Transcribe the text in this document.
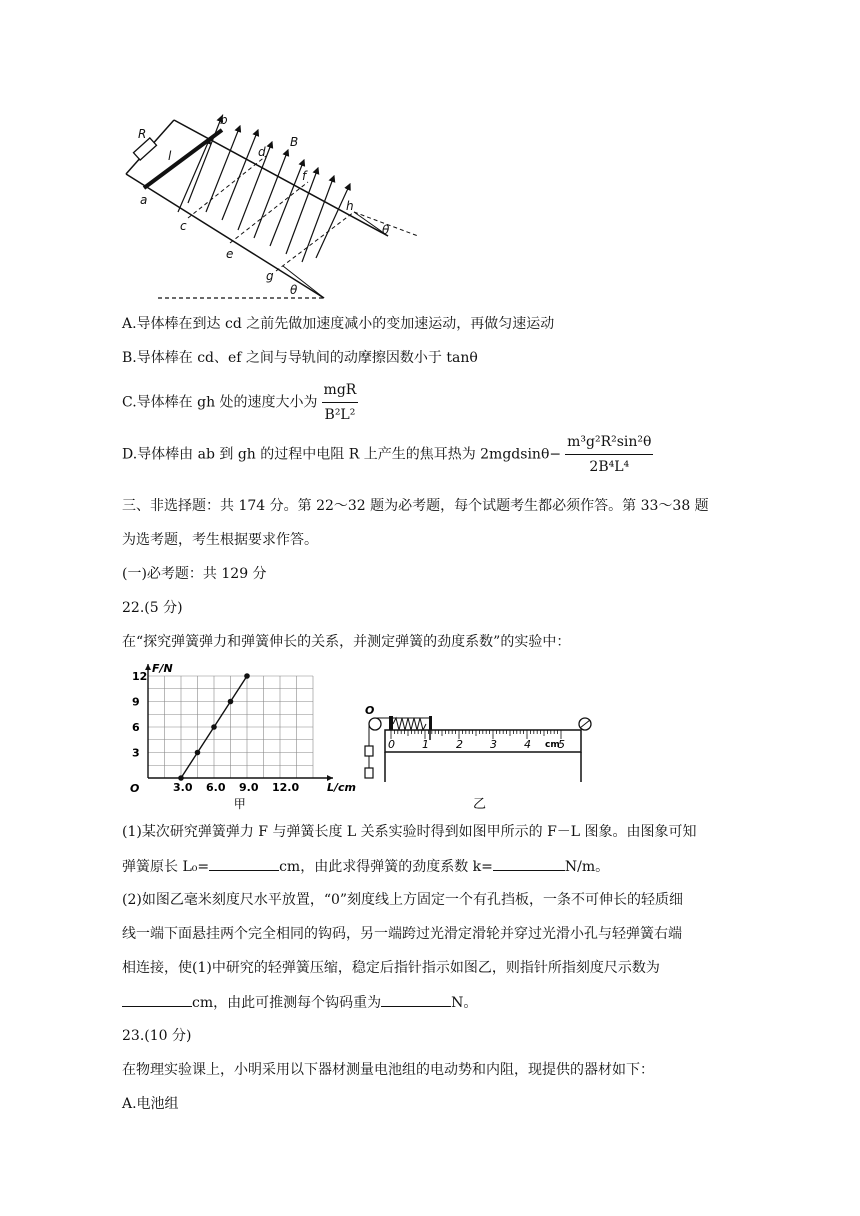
R
l
a
b
B
c
d
e
f
g
h
θ
θ
A.导体棒在到达 cd 之前先做加速度减小的变加速运动，再做匀速运动
B.导体棒在 cd、ef 之间与导轨间的动摩擦因数小于 tanθ
C.导体棒在 gh 处的速度大小为 $\frac{\text{mgR}}{\text{B²L²}}$
D.导体棒由 ab 到 gh 的过程中电阻 R 上产生的焦耳热为 $2mgdsin\theta- \frac{\text{m³g²R²sin²θ}}{\text{2B⁴L⁴}}$
三、非选择题：共 174 分。第 22～32 题为必考题，每个试题考生都必须作答。第 33～38 题
为选考题，考生根据要求作答。
(一)必考题：共 129 分
22.(5 分)
在“探究弹簧弹力和弹簧伸长的关系，并测定弹簧的劲度系数”的实验中：
3.0 6.0 9.0 12.0
12
9
6
3
O	L/cm
F/N
甲
O
0 1 2 3 4 5
cm
乙
(1)某次研究弹簧弹力 F 与弹簧长度 L 关系实验时得到如图甲所示的 F－L 图象。由图象可知
弹簧原长 L₀=	cm，由此求得弹簧的劲度系数 k=	N/m。
(2)如图乙毫米刻度尺水平放置，“0”刻度线上方固定一个有孔挡板，一条不可伸长的轻质细
线一端下面悬挂两个完全相同的钩码，另一端跨过光滑定滑轮并穿过光滑小孔与轻弹簧右端
相连接，使(1)中研究的轻弹簧压缩，稳定后指针指示如图乙，则指针所指刻度尺示数为
cm，由此可推测每个钩码重为	N。
23.(10 分)
在物理实验课上，小明采用以下器材测量电池组的电动势和内阻，现提供的器材如下：
A.电池组
